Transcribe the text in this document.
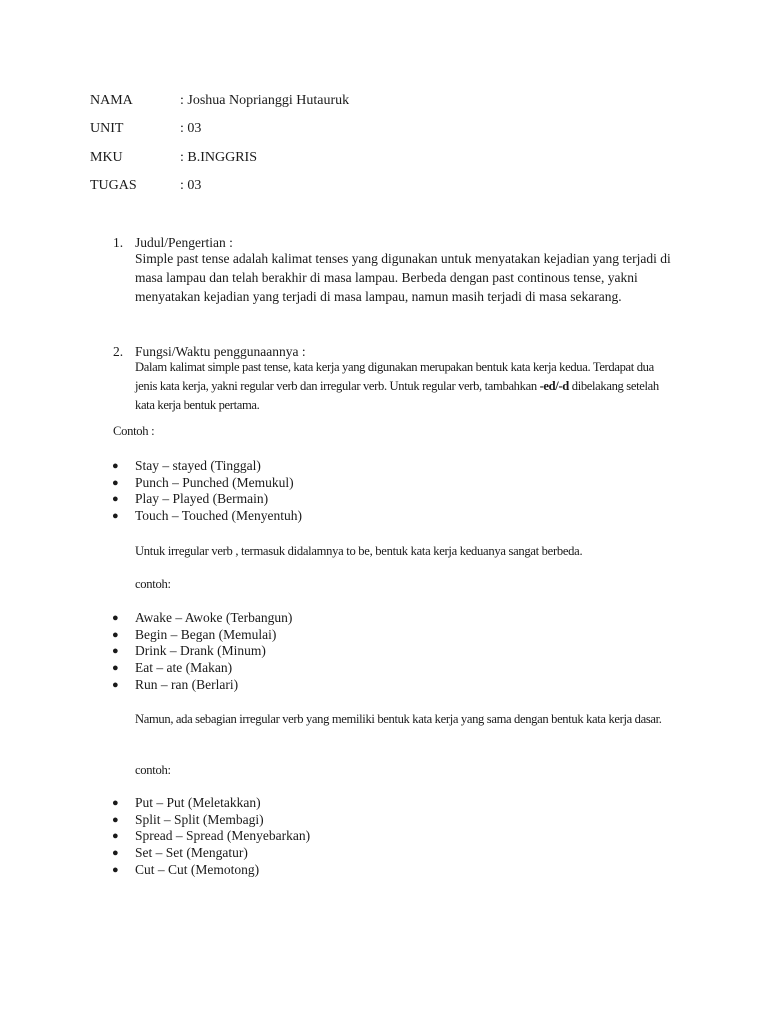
NAMA	: Joshua Noprianggi Hutauruk
UNIT	: 03
MKU	: B.INGGRIS
TUGAS	: 03
1. Judul/Pengertian :
Simple past tense adalah kalimat tenses yang digunakan untuk menyatakan kejadian yang terjadi di masa lampau dan telah berakhir di masa lampau. Berbeda dengan past continous tense, yakni menyatakan kejadian yang terjadi di masa lampau, namun masih terjadi di masa sekarang.
2. Fungsi/Waktu penggunaannya :
Dalam kalimat simple past tense, kata kerja yang digunakan merupakan bentuk kata kerja kedua. Terdapat dua jenis kata kerja, yakni regular verb dan irregular verb. Untuk regular verb, tambahkan -ed/-d dibelakang setelah kata kerja bentuk pertama.
Contoh :
● Stay – stayed (Tinggal)
● Punch – Punched (Memukul)
● Play – Played (Bermain)
● Touch – Touched (Menyentuh)
Untuk irregular verb , termasuk didalamnya to be, bentuk kata kerja keduanya sangat berbeda.
contoh:
● Awake – Awoke (Terbangun)
● Begin – Began (Memulai)
● Drink – Drank (Minum)
● Eat – ate (Makan)
● Run – ran (Berlari)
Namun, ada sebagian irregular verb yang memiliki bentuk kata kerja yang sama dengan bentuk kata kerja dasar.
contoh:
● Put – Put (Meletakkan)
● Split – Split (Membagi)
● Spread – Spread (Menyebarkan)
● Set – Set (Mengatur)
● Cut – Cut (Memotong)
